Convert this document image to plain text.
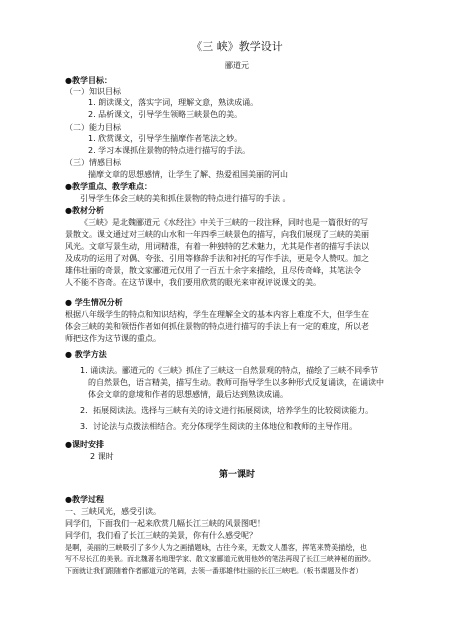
《三 峡》教学设计
郦道元
●教学目标：
（一）知识目标
1. 朗读课文，落实字词，理解文意，熟读成诵。
2. 品析课文，引导学生领略三峡景色的美。
（二）能力目标
1. 欣赏课文，引导学生揣摩作者笔法之妙。
2. 学习本课抓住景物的特点进行描写的手法。
（三）情感目标
揣摩文章的思想感情，让学生了解、热爱祖国美丽的河山
●教学重点、教学难点：
引导学生体会三峡的美和抓住景物的特点进行描写的手法 。
●教材分析
《三峡》是北魏郦道元《水经注》中关于三峡的一段注释，同时也是一篇很好的写
景散文。课文通过对三峡的山水和一年四季三峡景色的描写，向我们展现了三峡的美丽
风光。文章写景生动，用词精准，有着一种独特的艺术魅力，尤其是作者的描写手法以
及成功的运用了对偶、夸张、引用等修辞手法和衬托的写作手法，更是令人赞叹。加之
雄伟壮丽的奇景，散文家郦道元仅用了一百五十余字来描绘，且尽传奇峰，其笔法令
人不能不咨奇。在这节课中，我们要用欣赏的眼光来审视评说课文的美。
● 学生情况分析
根据八年级学生的特点和知识结构，学生在理解全文的基本内容上难度不大，但学生在
体会三峡的美和领悟作者如何抓住景物的特点进行描写的手法上有一定的难度，所以老
师把这作为这节课的重点。
● 教学方法
1. 诵读法。郦道元的《三峡》抓住了三峡这一自然景观的特点，描绘了三峡不同季节
的自然景色，语言精美，描写生动。教师可指导学生以多种形式反复诵读，在诵读中
体会文章的意境和作者的思想感情，最后达到熟读成诵。
2．拓展阅读法。选择与三峡有关的诗文进行拓展阅读，培养学生的比较阅读能力。
3．讨论法与点拨法相结合。充分体现学生阅读的主体地位和教师的主导作用。
●课时安排
2 课时
第一课时
●教学过程
一、三峡风光，感受引读。
同学们，下面我们一起来欣赏几幅长江三峡的风景图吧！
同学们，我们看了长江三峡的美景，你有什么感受呢？
是啊，美丽的三峡吸引了多少人为之画描题咏，古往今来，无数文人墨客，挥笔来赞美描绘，也
写不尽长江的美景。而北魏著名地理学家、散文家郦道元就用他妙的笔法再现了长江三峡神秘的面纱。
下面就让我们跟随着作者郦道元的笔调，去领一番那雄伟壮丽的长江三峡吧。（板书课题及作者）
